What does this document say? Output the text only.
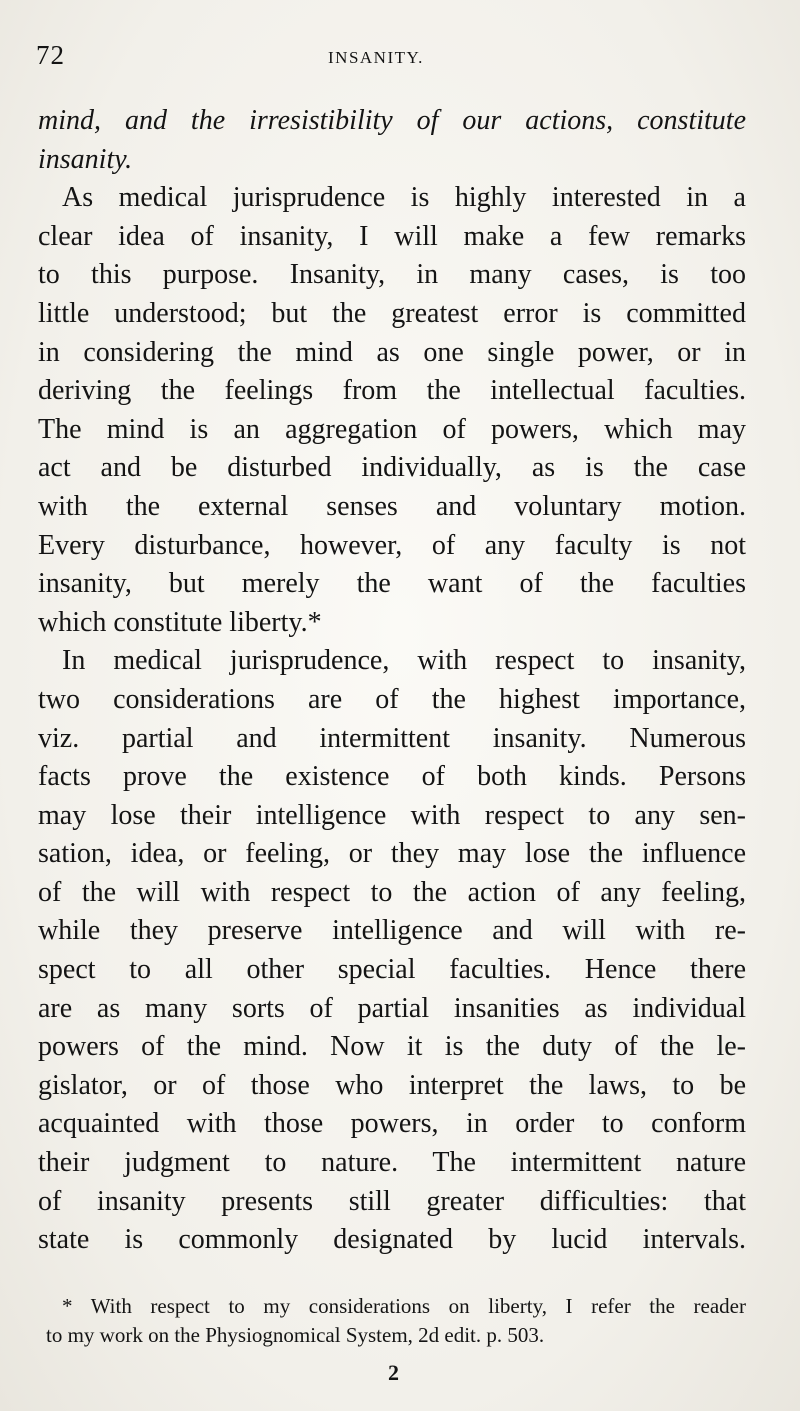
72	INSANITY.

mind, and the irresistibility of our actions, constitute
insanity.

As medical jurisprudence is highly interested in a
clear idea of insanity, I will make a few remarks
to this purpose. Insanity, in many cases, is too
little understood; but the greatest error is committed
in considering the mind as one single power, or in
deriving the feelings from the intellectual faculties.
The mind is an aggregation of powers, which may
act and be disturbed individually, as is the case
with the external senses and voluntary motion.
Every disturbance, however, of any faculty is not
insanity, but merely the want of the faculties
which constitute liberty.*

In medical jurisprudence, with respect to insanity,
two considerations are of the highest importance,
viz. partial and intermittent insanity. Numerous
facts prove the existence of both kinds. Persons
may lose their intelligence with respect to any sen-
sation, idea, or feeling, or they may lose the influence
of the will with respect to the action of any feeling,
while they preserve intelligence and will with re-
spect to all other special faculties. Hence there
are as many sorts of partial insanities as individual
powers of the mind. Now it is the duty of the le-
gislator, or of those who interpret the laws, to be
acquainted with those powers, in order to conform
their judgment to nature. The intermittent nature
of insanity presents still greater difficulties: that
state is commonly designated by lucid intervals.

* With respect to my considerations on liberty, I refer the reader
to my work on the Physiognomical System, 2d edit. p. 503.
2
